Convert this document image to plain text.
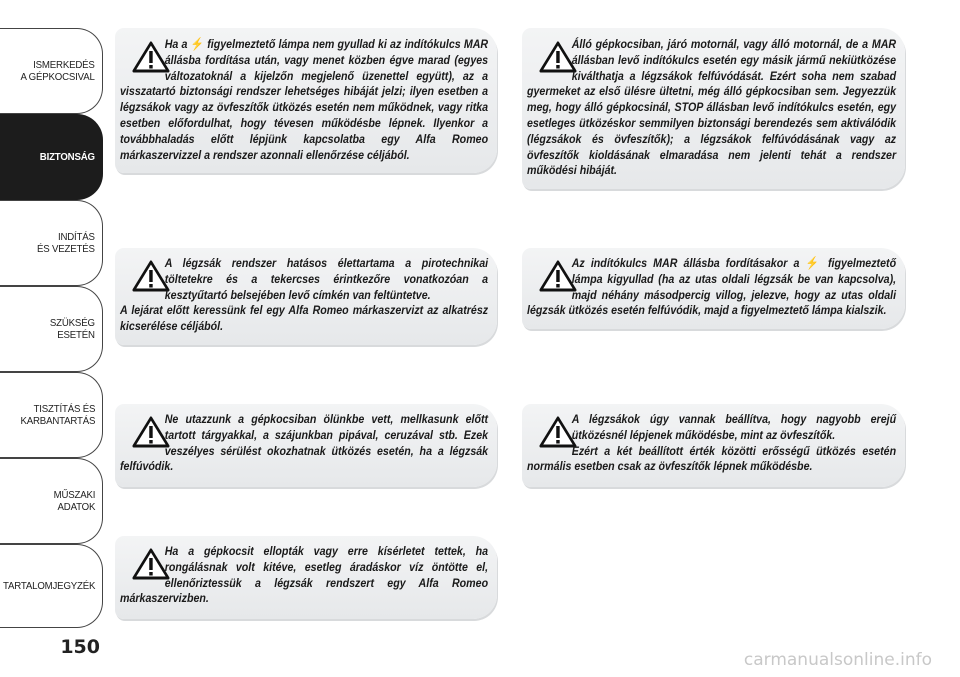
ISMERKEDÉS
A GÉPKOCSIVAL
BIZTONSÁG
INDÍTÁS
ÉS VEZETÉS
SZÜKSÉG
ESETÉN
TISZTÍTÁS ÉS
KARBANTARTÁS
MŰSZAKI
ADATOK
TARTALOMJEGYZÉK
150

Ha a ⚡ figyelmeztető lámpa nem gyullad ki az indítókulcs MAR állásba fordítása után, vagy menet közben égve marad (egyes változatoknál a kijelzőn megjelenő üzenettel együtt), az a visszatartó biztonsági rendszer lehetséges hibáját jelzi; ilyen esetben a légzsákok vagy az övfeszítők ütközés esetén nem működnek, vagy ritka esetben előfordulhat, hogy tévesen működésbe lépnek. Ilyenkor a továbbhaladás előtt lépjünk kapcsolatba egy Alfa Romeo márkaszervizzel a rendszer azonnali ellenőrzése céljából.

A légzsák rendszer hatásos élettartama a pirotechnikai töltetekre és a tekercses érintkezőre vonatkozóan a kesztyűtartó belsejében levő címkén van feltüntetve.

A lejárat előtt keressünk fel egy Alfa Romeo márkaszervizt az alkatrész kicserélése céljából.

Ne utazzunk a gépkocsiban ölünkbe vett, mellkasunk előtt tartott tárgyakkal, a szájunkban pipával, ceruzával stb. Ezek veszélyes sérülést okozhatnak ütközés esetén, ha a légzsák felfúvódik.

Ha a gépkocsit ellopták vagy erre kísérletet tettek, ha rongálásnak volt kitéve, esetleg áradáskor víz öntötte el, ellenőriztessük a légzsák rendszert egy Alfa Romeo márkaszervizben.

Álló gépkocsiban, járó motornál, vagy álló motornál, de a MAR állásban levő indítókulcs esetén egy másik jármű nekiütközése kiválthatja a légzsákok felfúvódását. Ezért soha nem szabad gyermeket az első ülésre ültetni, még álló gépkocsiban sem. Jegyezzük meg, hogy álló gépkocsinál, STOP állásban levő indítókulcs esetén, egy esetleges ütközéskor semmilyen biztonsági berendezés sem aktiválódik (légzsákok és övfeszítők); a légzsákok felfúvódásának vagy az övfeszítők kioldásának elmaradása nem jelenti tehát a rendszer működési hibáját.

Az indítókulcs MAR állásba fordításakor a ⚡ figyelmeztető lámpa kigyullad (ha az utas oldali légzsák be van kapcsolva), majd néhány másodpercig villog, jelezve, hogy az utas oldali légzsák ütközés esetén felfúvódik, majd a figyelmeztető lámpa kialszik.

A légzsákok úgy vannak beállítva, hogy nagyobb erejű ütközésnél lépjenek működésbe, mint az övfeszítők.

Ezért a két beállított érték közötti erősségű ütközés esetén normális esetben csak az övfeszítők lépnek működésbe.

carmanualsonline.info
